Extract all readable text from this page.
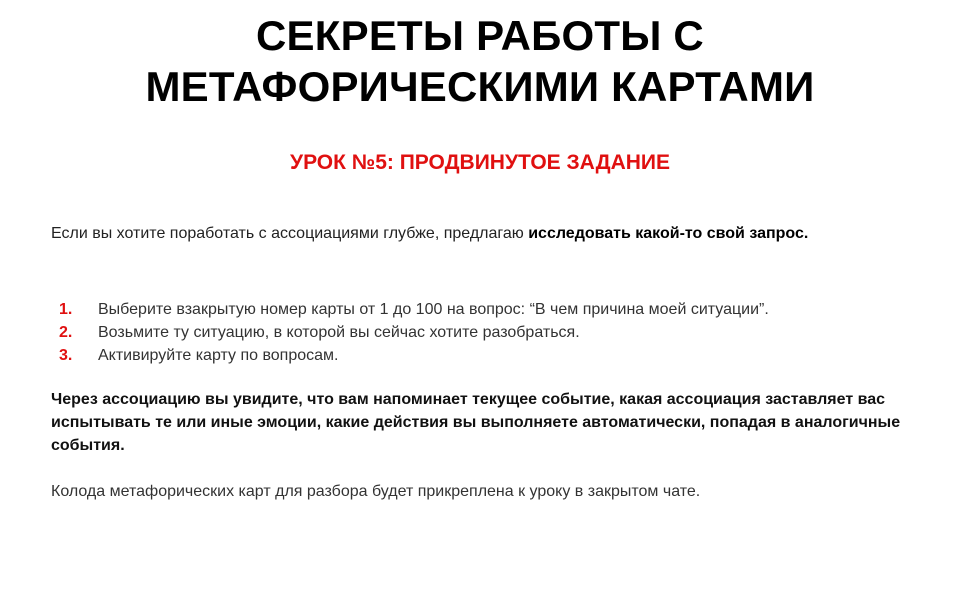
СЕКРЕТЫ РАБОТЫ С
МЕТАФОРИЧЕСКИМИ КАРТАМИ
УРОК №5: ПРОДВИНУТОЕ ЗАДАНИЕ
Если вы хотите поработать с ассоциациями глубже, предлагаю исследовать какой-то свой запрос.
1. Выберите взакрытую номер карты от 1 до 100 на вопрос: “В чем причина моей ситуации”.
2. Возьмите ту ситуацию, в которой вы сейчас хотите разобраться.
3. Активируйте карту по вопросам.
Через ассоциацию вы увидите, что вам напоминает текущее событие, какая ассоциация заставляет вас испытывать те или иные эмоции, какие действия вы выполняете автоматически, попадая в аналогичные события.
Колода метафорических карт для разбора будет прикреплена к уроку в закрытом чате.
